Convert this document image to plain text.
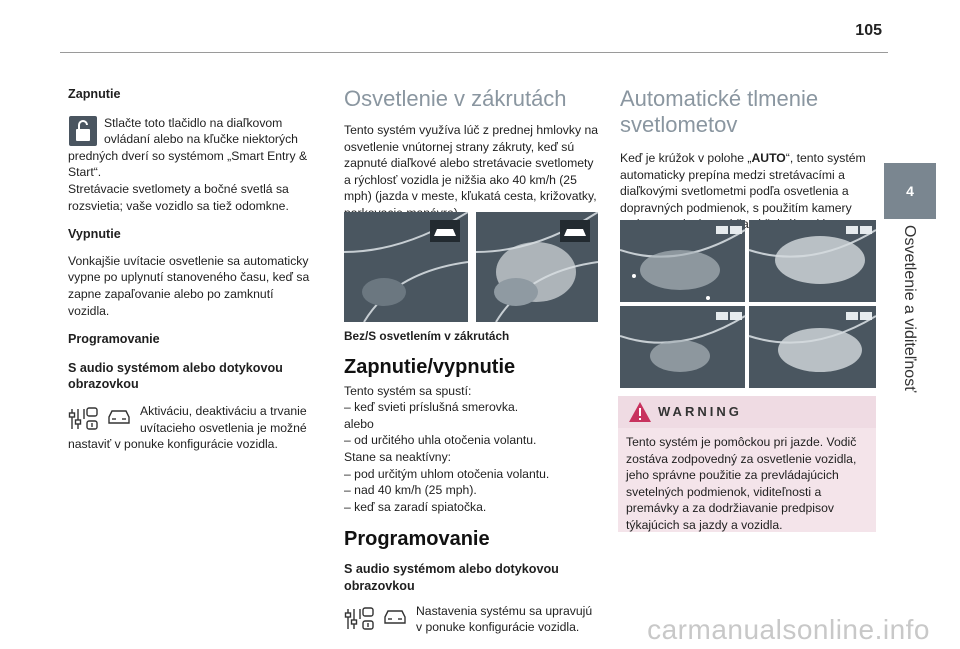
105
4
Osvetlenie a viditeľnosť

Zapnutie

Stlačte toto tlačidlo na diaľkovom ovládaní alebo na kľučke niektorých predných dverí so systémom „Smart Entry & Start“.

Stretávacie svetlomety a bočné svetlá sa rozsvietia; vaše vozidlo sa tiež odomkne.

Vypnutie

Vonkajšie uvítacie osvetlenie sa automaticky vypne po uplynutí stanoveného času, keď sa zapne zapaľovanie alebo po zamknutí vozidla.

Programovanie

S audio systémom alebo dotykovou obrazovkou

Aktiváciu, deaktiváciu a trvanie uvítacieho osvetlenia je možné nastaviť v ponuke konfigurácie vozidla.

Osvetlenie v zákrutách

Tento systém využíva lúč z prednej hmlovky na osvetlenie vnútornej strany zákruty, keď sú zapnuté diaľkové alebo stretávacie svetlomety a rýchlosť vozidla je nižšia ako 40 km/h (25 mph) (jazda v meste, kľukatá cesta, križovatky,

Bez/S osvetlením v zákrutách

Zapnutie/vypnutie

Tento systém sa spustí:

– keď svieti príslušná smerovka.

alebo

– od určitého uhla otočenia volantu.

Stane sa neaktívny:

– pod určitým uhlom otočenia volantu.

– nad 40 km/h (25 mph).

– keď sa zaradí spiatočka.

Programovanie

S audio systémom alebo dotykovou obrazovkou

Nastavenia systému sa upravujú v ponuke konfigurácie vozidla.

Automatické tlmenie

svetlometov

Keď je krúžok v polohe „AUTO“, tento systém automaticky prepína medzi stretávacími a diaľkovými svetlometmi podľa osvetlenia a dopravných podmienok, s použitím kamery časti

WARNING

Tento systém je pomôckou pri jazde. Vodič zostáva zodpovedný za osvetlenie vozidla, jeho správne použitie za prevládajúcich svetelných podmienok, viditeľnosti a premávky a za dodržiavanie predpisov týkajúcich sa jazdy a vozidla.

carmanualsonline.info
